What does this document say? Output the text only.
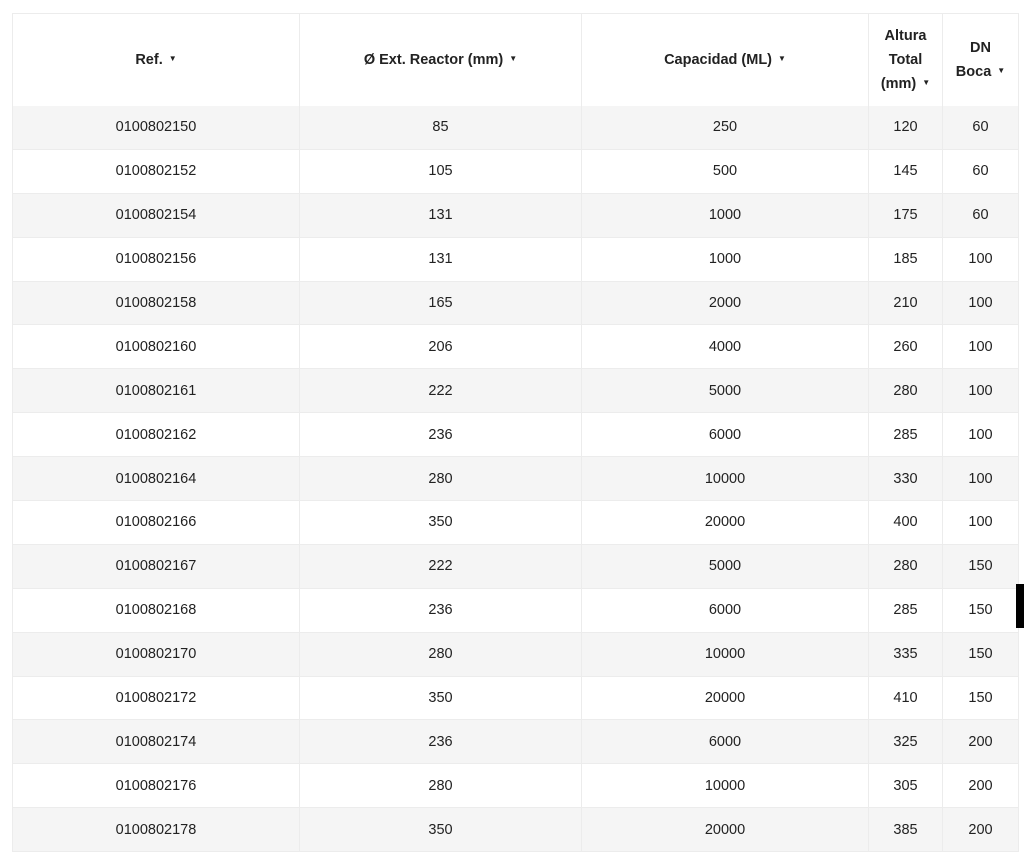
Ref. ▼	Ø Ext. Reactor (mm) ▼	Capacidad (ML) ▼	Altura Total (mm) ▼	DN Boca ▼
0100802150	85	250	120	60
0100802152	105	500	145	60
0100802154	131	1000	175	60
0100802156	131	1000	185	100
0100802158	165	2000	210	100
0100802160	206	4000	260	100
0100802161	222	5000	280	100
0100802162	236	6000	285	100
0100802164	280	10000	330	100
0100802166	350	20000	400	100
0100802167	222	5000	280	150
0100802168	236	6000	285	150
0100802170	280	10000	335	150
0100802172	350	20000	410	150
0100802174	236	6000	325	200
0100802176	280	10000	305	200
0100802178	350	20000	385	200
